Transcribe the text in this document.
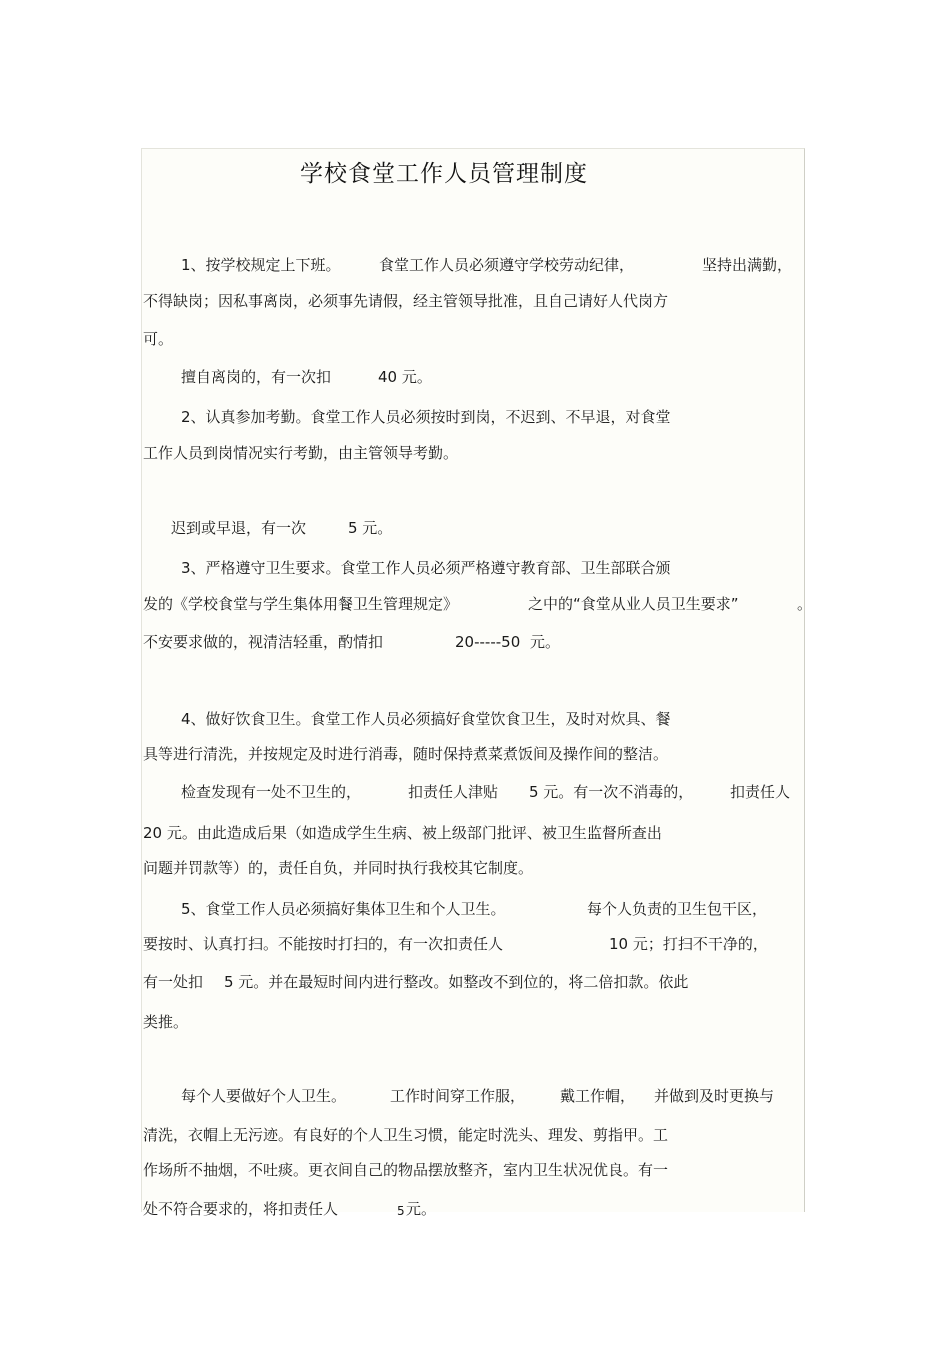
学校食堂工作人员管理制度
1、按学校规定上下班。	食堂工作人员必须遵守学校劳动纪律，	坚持出满勤，
不得缺岗；因私事离岗，必须事先请假，经主管领导批准，且自己请好人代岗方
可。
擅自离岗的，有一次扣	40 元。
2、认真参加考勤。食堂工作人员必须按时到岗，不迟到、不早退，对食堂
工作人员到岗情况实行考勤，由主管领导考勤。
迟到或早退，有一次	5 元。
3、严格遵守卫生要求。食堂工作人员必须严格遵守教育部、卫生部联合颁
发的《学校食堂与学生集体用餐卫生管理规定》	之中的“食堂从业人员卫生要求”	。
不安要求做的，视清洁轻重，酌情扣	20-----50 元。
4、做好饮食卫生。食堂工作人员必须搞好食堂饮食卫生，及时对炊具、餐
具等进行清洗，并按规定及时进行消毒，随时保持煮菜煮饭间及操作间的整洁。
检查发现有一处不卫生的，	扣责任人津贴 5 元。有一次不消毒的， 扣责任人
20 元。由此造成后果（如造成学生生病、被上级部门批评、被卫生监督所查出
问题并罚款等）的，责任自负，并同时执行我校其它制度。
5、食堂工作人员必须搞好集体卫生和个人卫生。	每个人负责的卫生包干区，
要按时、认真打扫。不能按时打扫的，有一次扣责任人	10 元；打扫不干净的，
有一处扣 5 元。并在最短时间内进行整改。如整改不到位的，将二倍扣款。依此
类推。
每个人要做好个人卫生。	工作时间穿工作服， 戴工作帽， 并做到及时更换与
清洗，衣帽上无污迹。有良好的个人卫生习惯，能定时洗头、理发、剪指甲。工
作场所不抽烟，不吐痰。更衣间自己的物品摆放整齐，室内卫生状况优良。有一
处不符合要求的，将扣责任人	5 元。
